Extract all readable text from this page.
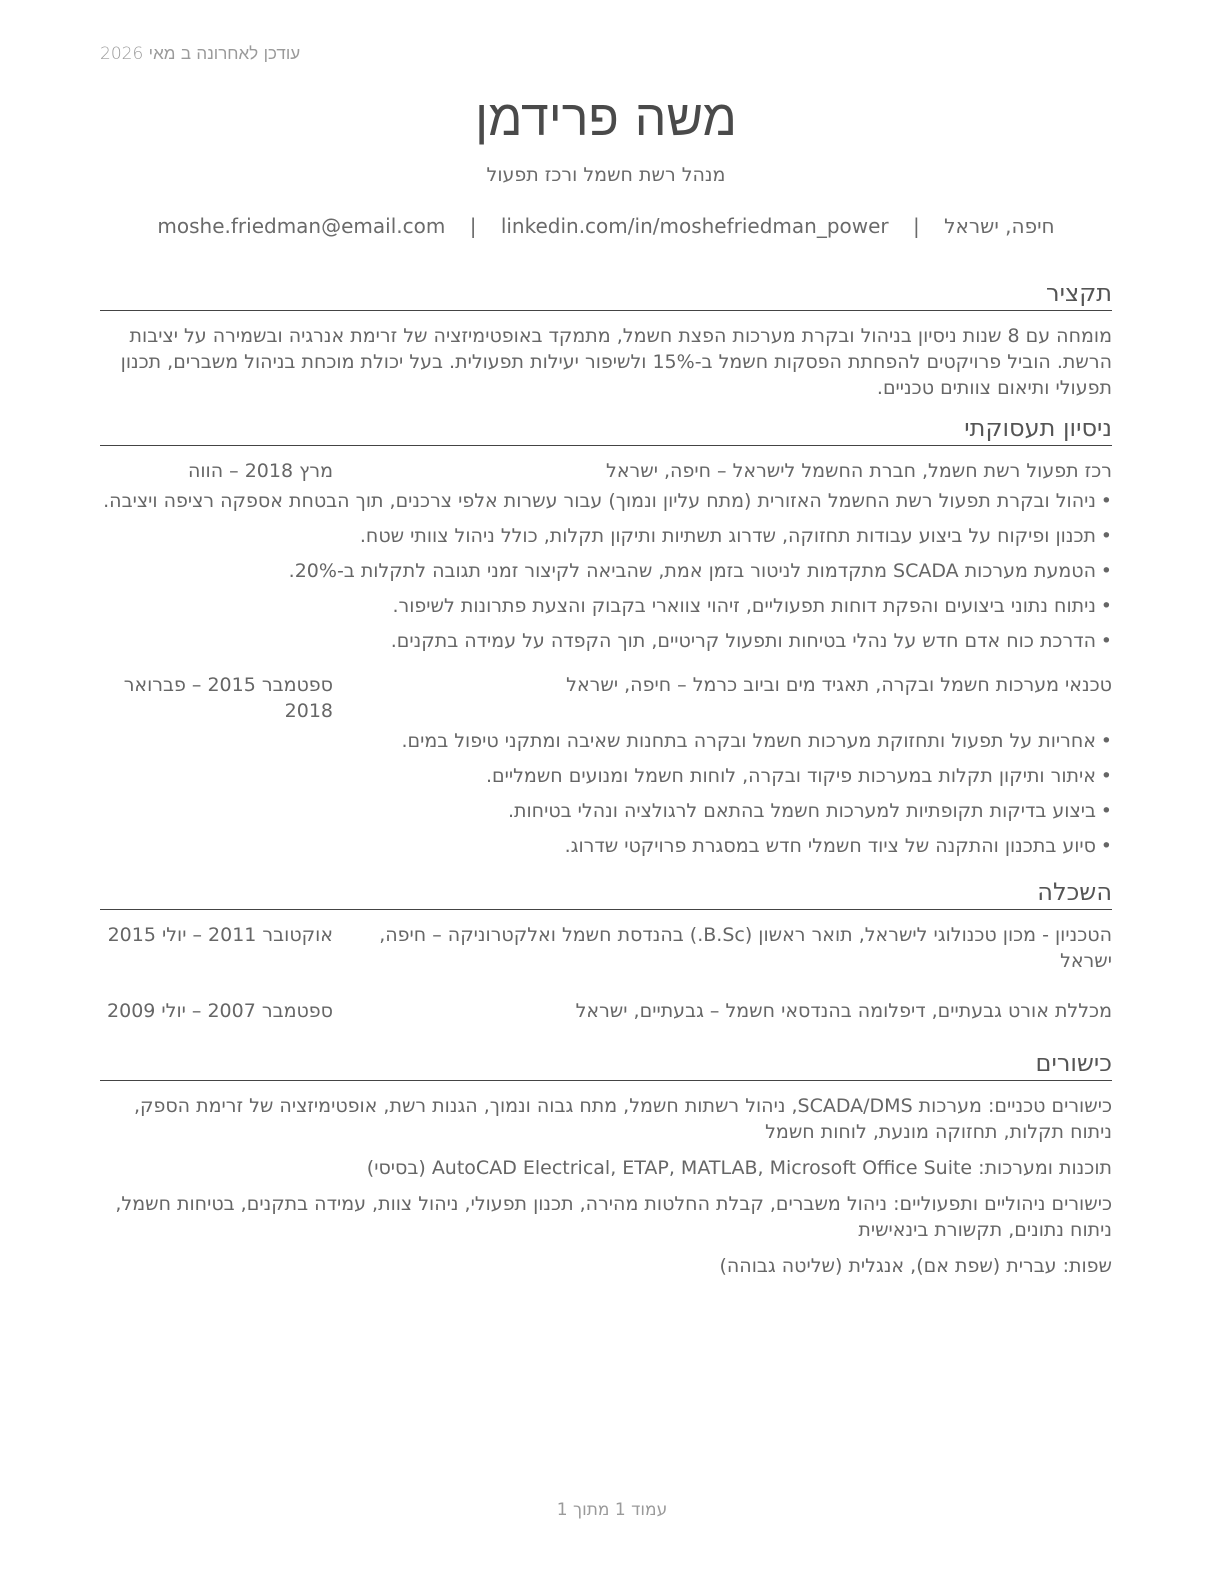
עודכן לאחרונה ב מאי 2026
משה פרידמן
מנהל רשת חשמל ורכז תפעול
חיפה, ישראל | moshe.friedman@email.com | linkedin.com/in/moshefriedman_power
תקציר
מומחה עם 8 שנות ניסיון בניהול ובקרת מערכות הפצת חשמל, מתמקד באופטימיזציה של זרימת אנרגיה ובשמירה על יציבות הרשת. הוביל פרויקטים להפחתת הפסקות חשמל ב-15% ולשיפור יעילות תפעולית. בעל יכולת מוכחת בניהול משברים, תכנון תפעולי ותיאום צוותים טכניים.
ניסיון תעסוקתי
רכז תפעול רשת חשמל, חברת החשמל לישראל – חיפה, ישראל
מרץ 2018 – הווה
• ניהול ובקרת תפעול רשת החשמל האזורית (מתח עליון ונמוך) עבור עשרות אלפי צרכנים, תוך הבטחת אספקה רציפה ויציבה.
• תכנון ופיקוח על ביצוע עבודות תחזוקה, שדרוג תשתיות ותיקון תקלות, כולל ניהול צוותי שטח.
• הטמעת מערכות SCADA מתקדמות לניטור בזמן אמת, שהביאה לקיצור זמני תגובה לתקלות ב-20%.
• ניתוח נתוני ביצועים והפקת דוחות תפעוליים, זיהוי צווארי בקבוק והצעת פתרונות לשיפור.
• הדרכת כוח אדם חדש על נהלי בטיחות ותפעול קריטיים, תוך הקפדה על עמידה בתקנים.
טכנאי מערכות חשמל ובקרה, תאגיד מים וביוב כרמל – חיפה, ישראל
ספטמבר 2015 – פברואר 2018
• אחריות על תפעול ותחזוקת מערכות חשמל ובקרה בתחנות שאיבה ומתקני טיפול במים.
• איתור ותיקון תקלות במערכות פיקוד ובקרה, לוחות חשמל ומנועים חשמליים.
• ביצוע בדיקות תקופתיות למערכות חשמל בהתאם לרגולציה ונהלי בטיחות.
• סיוע בתכנון והתקנה של ציוד חשמלי חדש במסגרת פרויקטי שדרוג.
השכלה
הטכניון - מכון טכנולוגי לישראל, תואר ראשון (B.Sc.) בהנדסת חשמל ואלקטרוניקה – חיפה, ישראל
אוקטובר 2011 – יולי 2015
מכללת אורט גבעתיים, דיפלומה בהנדסאי חשמל – גבעתיים, ישראל
ספטמבר 2007 – יולי 2009
כישורים
כישורים טכניים: מערכות SCADA/DMS, ניהול רשתות חשמל, מתח גבוה ונמוך, הגנות רשת, אופטימיזציה של זרימת הספק, ניתוח תקלות, תחזוקה מונעת, לוחות חשמל
תוכנות ומערכות: AutoCAD Electrical, ETAP, MATLAB, Microsoft Office Suite (בסיסי)
כישורים ניהוליים ותפעוליים: ניהול משברים, קבלת החלטות מהירה, תכנון תפעולי, ניהול צוות, עמידה בתקנים, בטיחות חשמל, ניתוח נתונים, תקשורת בינאישית
שפות: עברית (שפת אם), אנגלית (שליטה גבוהה)
עמוד 1 מתוך 1
